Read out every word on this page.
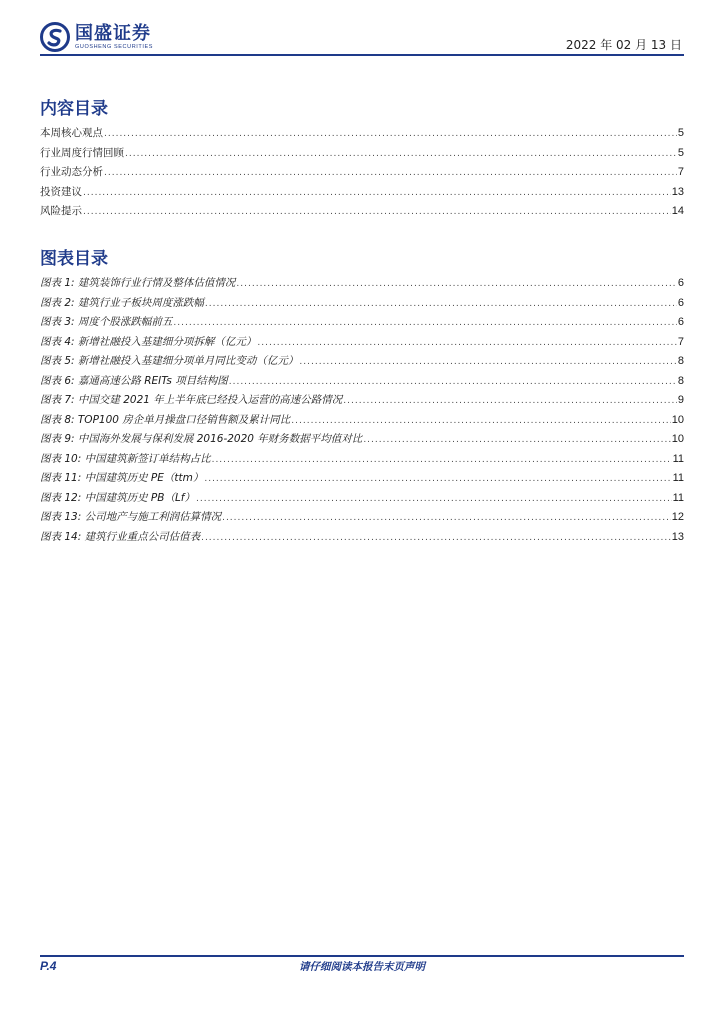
国盛证券
GUOSHENG SECURITIES	2022 年 02 月 13 日
内容目录
本周核心观点 .....	5
行业周度行情回顾 .....	5
行业动态分析 .....	7
投资建议 .....	13
风险提示 .....	14
图表目录
图表 1: 建筑装饰行业行情及整体估值情况 .....	6
图表 2: 建筑行业子板块周度涨跌幅 .....	6
图表 3: 周度个股涨跌幅前五 .....	6
图表 4: 新增社融投入基建细分项拆解（亿元） .....	7
图表 5: 新增社融投入基建细分项单月同比变动（亿元） .....	8
图表 6: 嘉通高速公路 REITs 项目结构图 .....	8
图表 7: 中国交建 2021 年上半年底已经投入运营的高速公路情况 .....	9
图表 8: TOP100 房企单月操盘口径销售额及累计同比 .....	10
图表 9: 中国海外发展与保利发展 2016-2020 年财务数据平均值对比 .....	10
图表 10: 中国建筑新签订单结构占比 .....	11
图表 11: 中国建筑历史 PE（ttm） .....	11
图表 12: 中国建筑历史 PB（Lf） .....	11
图表 13: 公司地产与施工利润估算情况 .....	12
图表 14: 建筑行业重点公司估值表 .....	13
请仔细阅读本报告末页声明
P.4
